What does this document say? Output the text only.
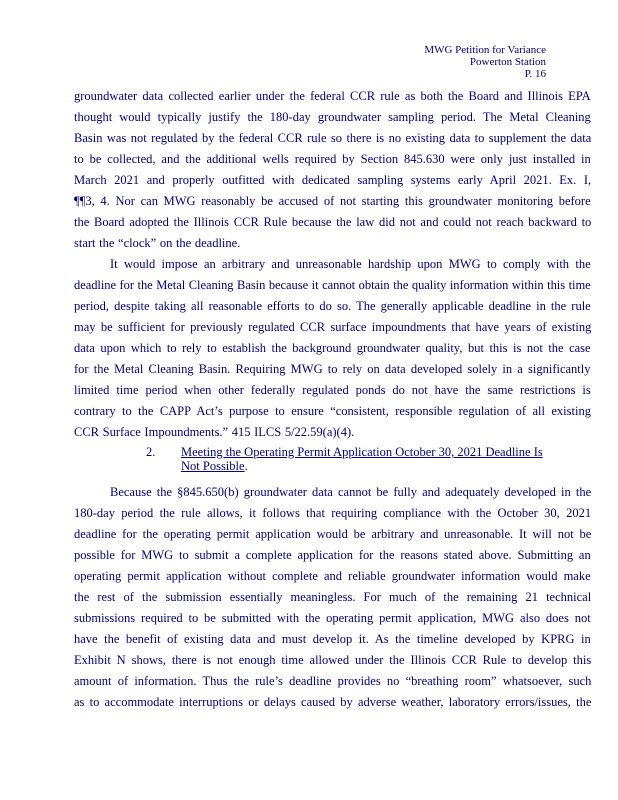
MWG Petition for Variance
Powerton Station
P. 16
groundwater data collected earlier under the federal CCR rule as both the Board and Illinois EPA
thought would typically justify the 180-day groundwater sampling period. The Metal Cleaning
Basin was not regulated by the federal CCR rule so there is no existing data to supplement the data
to be collected, and the additional wells required by Section 845.630 were only just installed in
March 2021 and properly outfitted with dedicated sampling systems early April 2021. Ex. I,
¶¶3, 4. Nor can MWG reasonably be accused of not starting this groundwater monitoring before
the Board adopted the Illinois CCR Rule because the law did not and could not reach backward to
start the “clock” on the deadline.
It would impose an arbitrary and unreasonable hardship upon MWG to comply with the
deadline for the Metal Cleaning Basin because it cannot obtain the quality information within this time
period, despite taking all reasonable efforts to do so. The generally applicable deadline in the rule
may be sufficient for previously regulated CCR surface impoundments that have years of existing
data upon which to rely to establish the background groundwater quality, but this is not the case
for the Metal Cleaning Basin. Requiring MWG to rely on data developed solely in a significantly
limited time period when other federally regulated ponds do not have the same restrictions is
contrary to the CAPP Act’s purpose to ensure “consistent, responsible regulation of all existing
CCR Surface Impoundments.” 415 ILCS 5/22.59(a)(4).
2. Meeting the Operating Permit Application October 30, 2021 Deadline Is
Not Possible.
Because the §845.650(b) groundwater data cannot be fully and adequately developed in the
180-day period the rule allows, it follows that requiring compliance with the October 30, 2021
deadline for the operating permit application would be arbitrary and unreasonable. It will not be
possible for MWG to submit a complete application for the reasons stated above. Submitting an
operating permit application without complete and reliable groundwater information would make
the rest of the submission essentially meaningless. For much of the remaining 21 technical
submissions required to be submitted with the operating permit application, MWG also does not
have the benefit of existing data and must develop it. As the timeline developed by KPRG in
Exhibit N shows, there is not enough time allowed under the Illinois CCR Rule to develop this
amount of information. Thus the rule’s deadline provides no “breathing room” whatsoever, such
as to accommodate interruptions or delays caused by adverse weather, laboratory errors/issues, the
